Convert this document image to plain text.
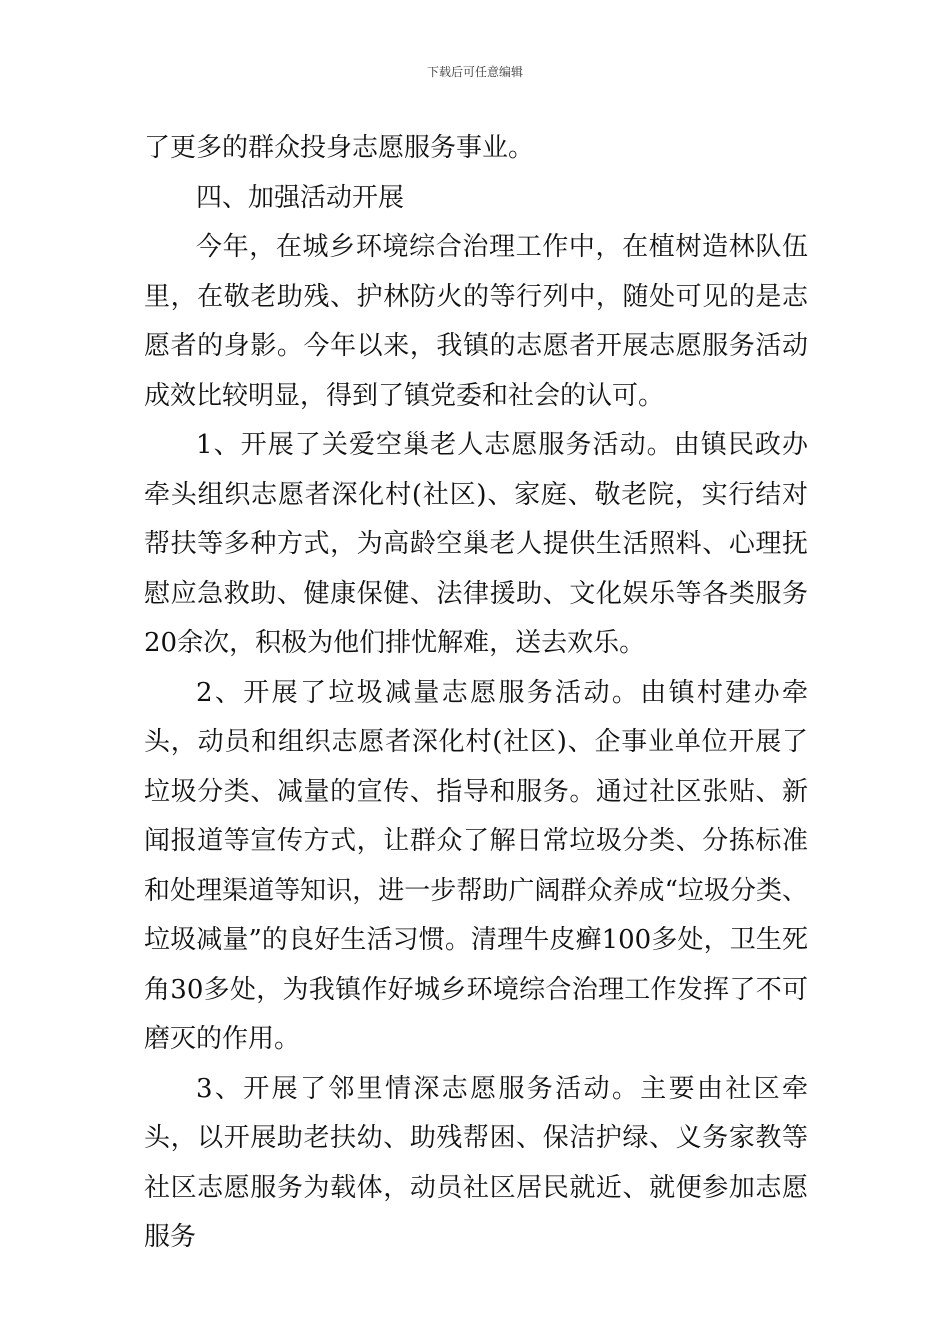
下载后可任意编辑

了更多的群众投身志愿服务事业。

四、加强活动开展

今年，在城乡环境综合治理工作中，在植树造林队伍里，在敬老助残、护林防火的等行列中，随处可见的是志愿者的身影。今年以来，我镇的志愿者开展志愿服务活动成效比较明显，得到了镇党委和社会的认可。

1、开展了关爱空巢老人志愿服务活动。由镇民政办牵头组织志愿者深化村(社区)、家庭、敬老院，实行结对帮扶等多种方式，为高龄空巢老人提供生活照料、心理抚慰应急救助、健康保健、法律援助、文化娱乐等各类服务20余次，积极为他们排忧解难，送去欢乐。

2、开展了垃圾减量志愿服务活动。由镇村建办牵头，动员和组织志愿者深化村(社区)、企事业单位开展了垃圾分类、减量的宣传、指导和服务。通过社区张贴、新闻报道等宣传方式，让群众了解日常垃圾分类、分拣标准和处理渠道等知识，进一步帮助广阔群众养成“垃圾分类、垃圾减量”的良好生活习惯。清理牛皮癣100多处，卫生死角30多处，为我镇作好城乡环境综合治理工作发挥了不可磨灭的作用。

3、开展了邻里情深志愿服务活动。主要由社区牵头，以开展助老扶幼、助残帮困、保洁护绿、义务家教等社区志愿服务为载体，动员社区居民就近、就便参加志愿服务
